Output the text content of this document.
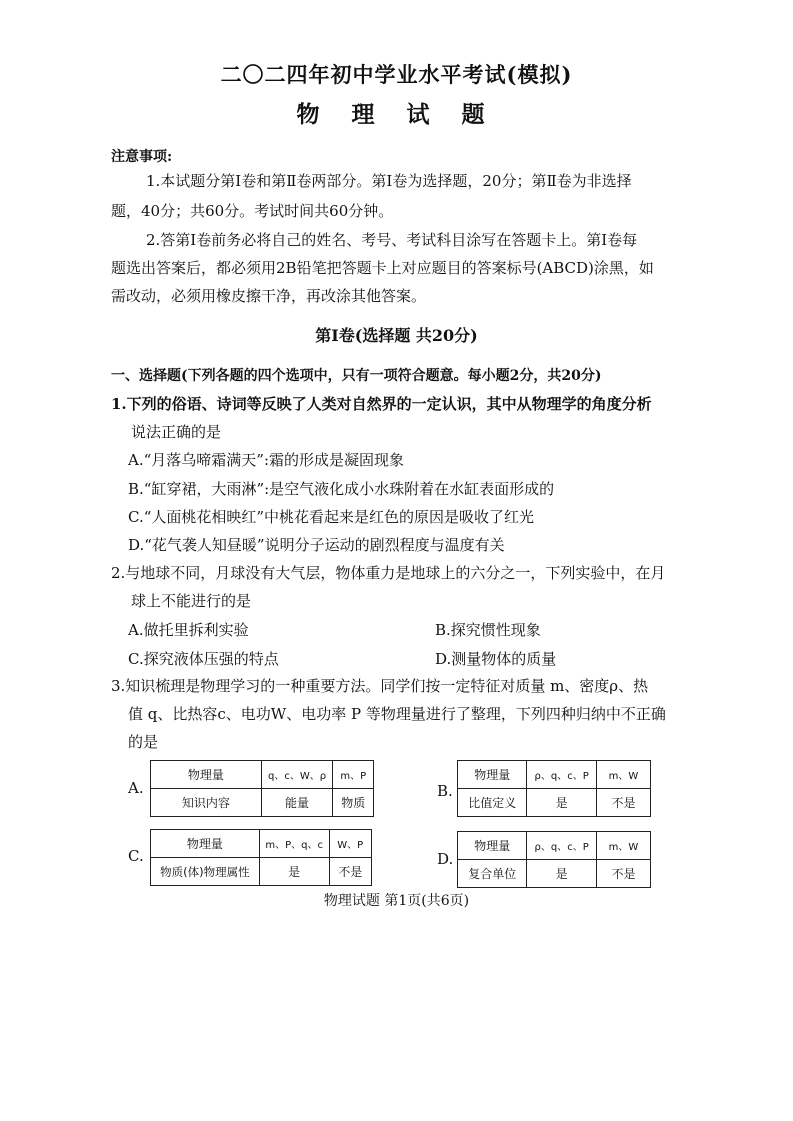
二〇二四年初中学业水平考试(模拟)
物 理 试 题
注意事项:
1.本试题分第Ⅰ卷和第Ⅱ卷两部分。第Ⅰ卷为选择题，20分；第Ⅱ卷为非选择
题，40分；共60分。考试时间共60分钟。
2.答第Ⅰ卷前务必将自己的姓名、考号、考试科目涂写在答题卡上。第Ⅰ卷每
题选出答案后，都必须用2B铅笔把答题卡上对应题目的答案标号(ABCD)涂黑，如
需改动，必须用橡皮擦干净，再改涂其他答案。
第Ⅰ卷(选择题 共20分)
一、选择题(下列各题的四个选项中，只有一项符合题意。每小题2分，共20分)
1.下列的俗语、诗词等反映了人类对自然界的一定认识，其中从物理学的角度分析
说法正确的是
A.“月落乌啼霜满天”:霜的形成是凝固现象
B.“缸穿裙，大雨淋”:是空气液化成小水珠附着在水缸表面形成的
C.“人面桃花相映红”中桃花看起来是红色的原因是吸收了红光
D.“花气袭人知昼暖”说明分子运动的剧烈程度与温度有关
2.与地球不同，月球没有大气层，物体重力是地球上的六分之一，下列实验中，在月
球上不能进行的是
A.做托里拆利实验	B.探究惯性现象
C.探究液体压强的特点	D.测量物体的质量
3.知识梳理是物理学习的一种重要方法。同学们按一定特征对质量 m、密度ρ、热
值 q、比热容c、电功W、电功率 P 等物理量进行了整理，下列四种归纳中不正确
的是
A.
物理量	q、c、W、ρ	m、P
知识内容	能量	物质
B.
物理量	ρ、q、c、P	m、W
比值定义	是	不是
C.
物理量	m、P、q、c	W、P
物质(体)物理属性	是	不是
D.
物理量	ρ、q、c、P	m、W
复合单位	是	不是
物理试题 第1页(共6页)
